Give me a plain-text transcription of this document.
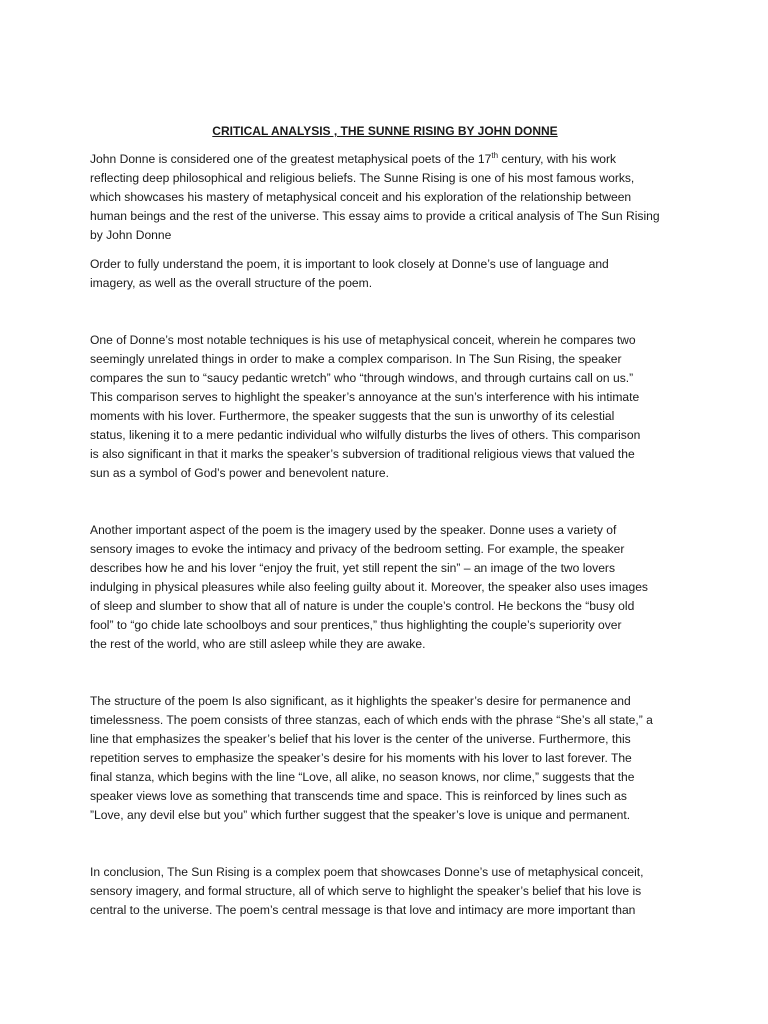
CRITICAL ANALYSIS , THE SUNNE RISING BY JOHN DONNE
John Donne is considered one of the greatest metaphysical poets of the 17th century, with his work
reflecting deep philosophical and religious beliefs. The Sunne Rising is one of his most famous works,
which showcases his mastery of metaphysical conceit and his exploration of the relationship between
human beings and the rest of the universe. This essay aims to provide a critical analysis of The Sun Rising
by John Donne
Order to fully understand the poem, it is important to look closely at Donne’s use of language and
imagery, as well as the overall structure of the poem.
One of Donne’s most notable techniques is his use of metaphysical conceit, wherein he compares two
seemingly unrelated things in order to make a complex comparison. In The Sun Rising, the speaker
compares the sun to “saucy pedantic wretch” who “through windows, and through curtains call on us.”
This comparison serves to highlight the speaker’s annoyance at the sun’s interference with his intimate
moments with his lover. Furthermore, the speaker suggests that the sun is unworthy of its celestial
status, likening it to a mere pedantic individual who wilfully disturbs the lives of others. This comparison
is also significant in that it marks the speaker’s subversion of traditional religious views that valued the
sun as a symbol of God’s power and benevolent nature.
Another important aspect of the poem is the imagery used by the speaker. Donne uses a variety of
sensory images to evoke the intimacy and privacy of the bedroom setting. For example, the speaker
describes how he and his lover “enjoy the fruit, yet still repent the sin” – an image of the two lovers
indulging in physical pleasures while also feeling guilty about it. Moreover, the speaker also uses images
of sleep and slumber to show that all of nature is under the couple’s control. He beckons the “busy old
fool” to “go chide late schoolboys and sour prentices,” thus highlighting the couple’s superiority over
the rest of the world, who are still asleep while they are awake.
The structure of the poem Is also significant, as it highlights the speaker’s desire for permanence and
timelessness. The poem consists of three stanzas, each of which ends with the phrase “She’s all state,” a
line that emphasizes the speaker’s belief that his lover is the center of the universe. Furthermore, this
repetition serves to emphasize the speaker’s desire for his moments with his lover to last forever. The
final stanza, which begins with the line “Love, all alike, no season knows, nor clime,” suggests that the
speaker views love as something that transcends time and space. This is reinforced by lines such as
”Love, any devil else but you” which further suggest that the speaker’s love is unique and permanent.
In conclusion, The Sun Rising is a complex poem that showcases Donne’s use of metaphysical conceit,
sensory imagery, and formal structure, all of which serve to highlight the speaker’s belief that his love is
central to the universe. The poem’s central message is that love and intimacy are more important than
